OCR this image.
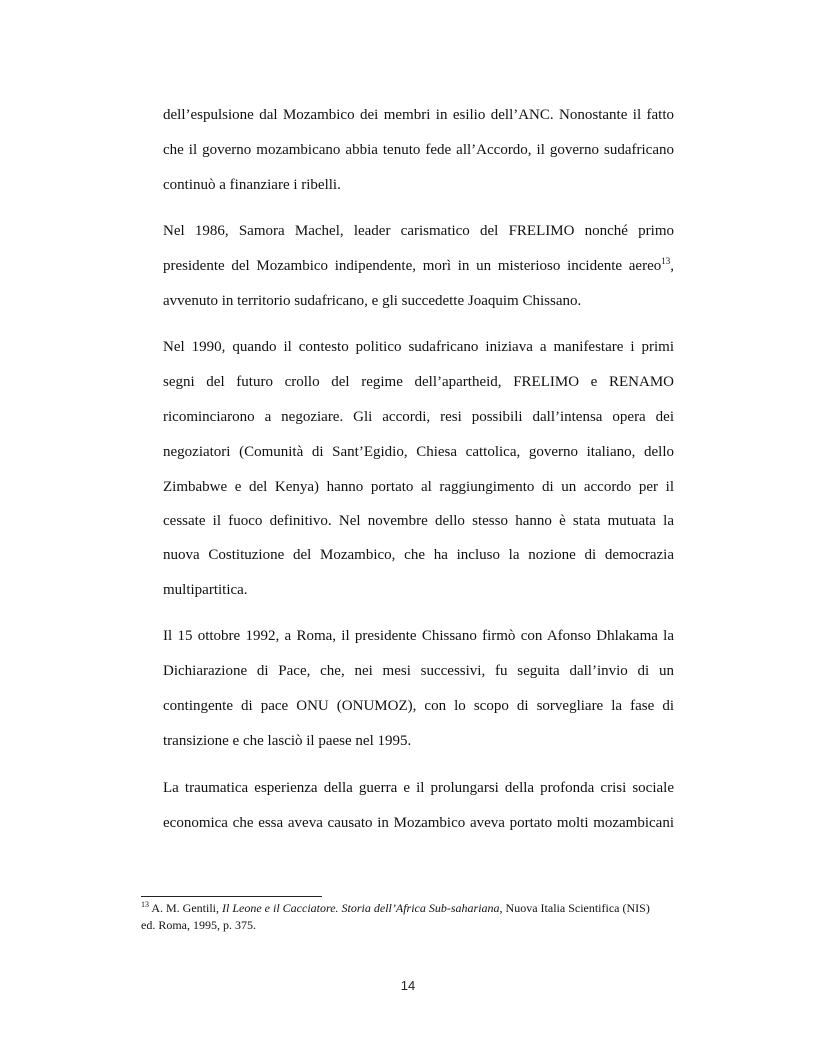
dell’espulsione dal Mozambico dei membri in esilio dell’ANC. Nonostante il fatto
che il governo mozambicano abbia tenuto fede all’Accordo, il governo sudafricano
continuò a finanziare i ribelli.
Nel 1986, Samora Machel, leader carismatico del FRELIMO nonché primo
presidente del Mozambico indipendente, morì in un misterioso incidente aereo$^{13}$,
avvenuto in territorio sudafricano, e gli succedette Joaquim Chissano.
Nel 1990, quando il contesto politico sudafricano iniziava a manifestare i primi
segni del futuro crollo del regime dell’apartheid, FRELIMO e RENAMO
ricominciarono a negoziare. Gli accordi, resi possibili dall’intensa opera dei
negoziatori (Comunità di Sant’Egidio, Chiesa cattolica, governo italiano, dello
Zimbabwe e del Kenya) hanno portato al raggiungimento di un accordo per il
cessate il fuoco definitivo. Nel novembre dello stesso hanno è stata mutuata la
nuova Costituzione del Mozambico, che ha incluso la nozione di democrazia
multipartitica.
Il 15 ottobre 1992, a Roma, il presidente Chissano firmò con Afonso Dhlakama la
Dichiarazione di Pace, che, nei mesi successivi, fu seguita dall’invio di un
contingente di pace ONU (ONUMOZ), con lo scopo di sorvegliare la fase di
transizione e che lasciò il paese nel 1995.
La traumatica esperienza della guerra e il prolungarsi della profonda crisi sociale
economica che essa aveva causato in Mozambico aveva portato molti mozambicani
$^{13}$ A. M. Gentili, Il Leone e il Cacciatore. Storia dell’Africa Sub-sahariana, Nuova Italia Scientifica (NIS)
ed. Roma, 1995, p. 375.
14
